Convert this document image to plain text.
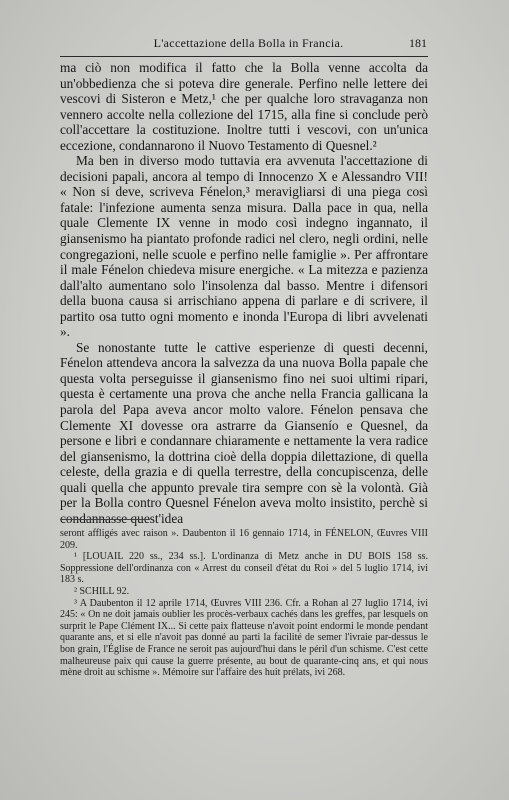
L'accettazione della Bolla in Francia.	181

ma ciò non modifica il fatto che la Bolla venne accolta da un'obbedienza che si poteva dire generale. Perfino nelle lettere dei vescovi di Sisteron e Metz,¹ che per qualche loro stravaganza non vennero accolte nella collezione del 1715, alla fine si conclude però coll'accettare la costituzione. Inoltre tutti i vescovi, con un'unica eccezione, condannarono il Nuovo Testamento di Quesnel.²

Ma ben in diverso modo tuttavia era avvenuta l'accettazione di decisioni papali, ancora al tempo di Innocenzo X e Alessandro VII! « Non si deve, scriveva Fénelon,³ meravigliarsi di una piega così fatale: l'infezione aumenta senza misura. Dalla pace in qua, nella quale Clemente IX venne in modo così indegno ingannato, il giansenismo ha piantato profonde radici nel clero, negli ordini, nelle congregazioni, nelle scuole e perfino nelle famiglie ». Per affrontare il male Fénelon chiedeva misure energiche. « La mitezza e pazienza dall'alto aumentano solo l'insolenza dal basso. Mentre i difensori della buona causa si arrischiano appena di parlare e di scrivere, il partito osa tutto ogni momento e inonda l'Europa di libri avvelenati ».

Se nonostante tutte le cattive esperienze di questi decenni, Fénelon attendeva ancora la salvezza da una nuova Bolla papale che questa volta perseguisse il giansenismo fino nei suoi ultimi ripari, questa è certamente una prova che anche nella Francia gallicana la parola del Papa aveva ancor molto valore. Fénelon pensava che Clemente XI dovesse ora astrarre da Gianseníο e Quesnel, da persone e libri e condannare chiaramente e nettamente la vera radice del giansenismo, la dottrina cioè della doppia dilettazione, di quella celeste, della grazia e di quella terrestre, della concupiscenza, delle quali quella che appunto prevale tira sempre con sè la volontà. Già per la Bolla contro Quesnel Fénelon aveva molto insistito, perchè si condannasse quest'idea

seront affligés avec raison ». Daubenton il 16 gennaio 1714, in FÉNELON, Œuvres VIII 209.

¹ [LOUAIL 220 ss., 234 ss.]. L'ordinanza di Metz anche in DU BOIS 158 ss. Soppressione dell'ordinanza con « Arrest du conseil d'état du Roi » del 5 luglio 1714, ivi 183 s.

² SCHILL 92.

³ A Daubenton il 12 aprile 1714, Œuvres VIII 236. Cfr. a Rohan al 27 luglio 1714, ivi 245: « On ne doit jamais oublier les procès-verbaux cachés dans les greffes, par lesquels on surprit le Pape Clément IX... Si cette paix flatteuse n'avoit point endormi le monde pendant quarante ans, et si elle n'avoit pas donné au parti la facilité de semer l'ivraie par-dessus le bon grain, l'Église de France ne seroit pas aujourd'hui dans le péril d'un schisme. C'est cette malheureuse paix qui cause la guerre présente, au bout de quarante-cinq ans, et qui nous mène droit au schisme ». Mémoire sur l'affaire des huit prélats, ivi 268.
